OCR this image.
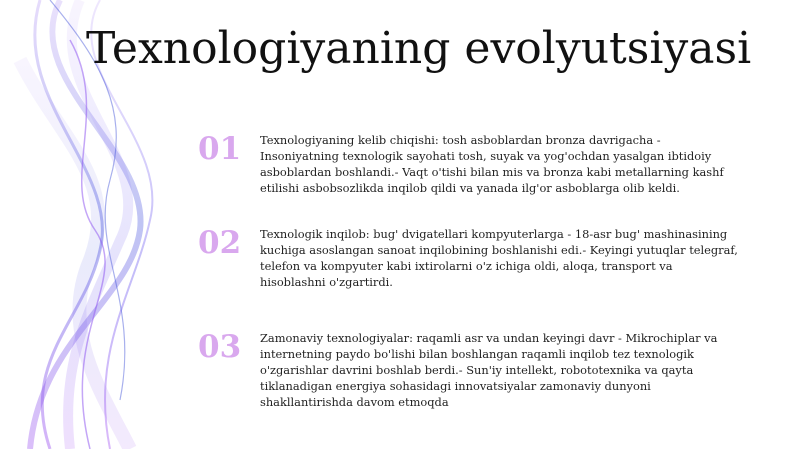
Texnologiyaning evolyutsiyasi
01	Texnologiyaning kelib chiqishi: tosh asboblardan bronza davrigacha - Insoniyatning texnologik sayohati tosh, suyak va yog'ochdan yasalgan ibtidoiy asboblardan boshlandi.- Vaqt o'tishi bilan mis va bronza kabi metallarning kashf etilishi asbobsozlikda inqilob qildi va yanada ilg'or asboblarga olib keldi.
02	Texnologik inqilob: bug' dvigatellari kompyuterlarga - 18-asr bug' mashinasining kuchiga asoslangan sanoat inqilobining boshlanishi edi.- Keyingi yutuqlar telegraf, telefon va kompyuter kabi ixtirolarni o'z ichiga oldi, aloqa, transport va hisoblashni o'zgartirdi.
03	Zamonaviy texnologiyalar: raqamli asr va undan keyingi davr - Mikrochiplar va internetning paydo bo'lishi bilan boshlangan raqamli inqilob tez texnologik o'zgarishlar davrini boshlab berdi.- Sun'iy intellekt, robototexnika va qayta tiklanadigan energiya sohasidagi innovatsiyalar zamonaviy dunyoni shakllantirishda davom etmoqda
